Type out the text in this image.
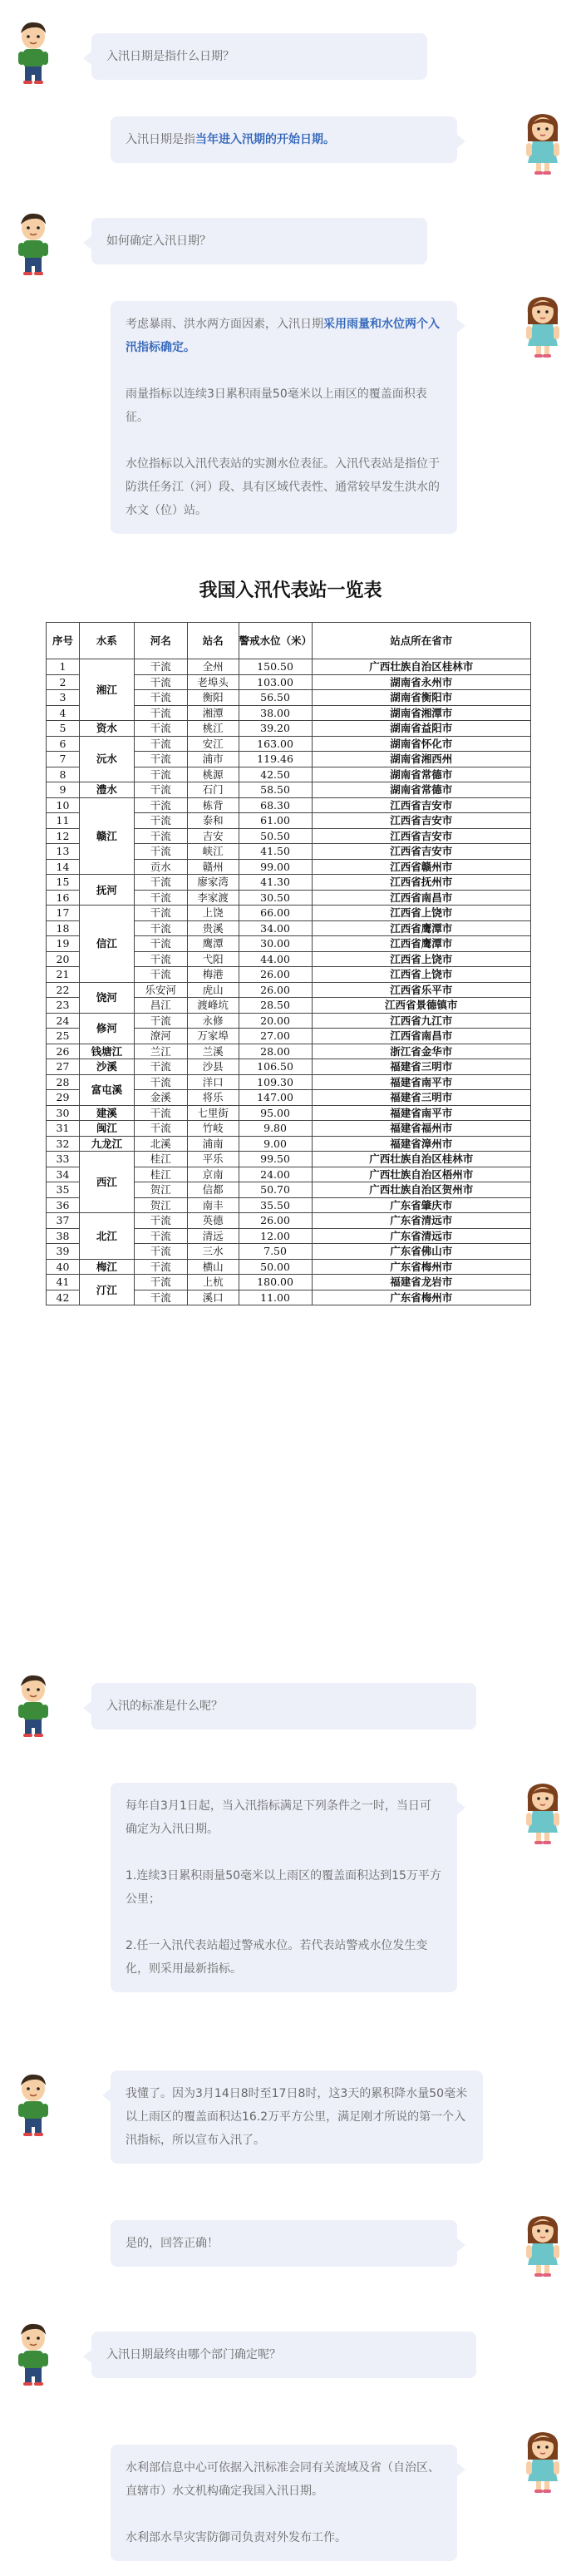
入汛日期是指什么日期？
入汛日期是指当年进入汛期的开始日期。
如何确定入汛日期？
考虑暴雨、洪水两方面因素，入汛日期采用雨量和水位两个入汛指标确定。
雨量指标以连续3日累积雨量50毫米以上雨区的覆盖面积表征。
水位指标以入汛代表站的实测水位表征。入汛代表站是指位于防洪任务江（河）段、具有区域代表性、通常较早发生洪水的水文（位）站。
入汛的标准是什么呢？
每年自3月1日起，当入汛指标满足下列条件之一时，当日可确定为入汛日期。
1.连续3日累积雨量50毫米以上雨区的覆盖面积达到15万平方公里；
2.任一入汛代表站超过警戒水位。若代表站警戒水位发生变化，则采用最新指标。
我懂了。因为3月14日8时至17日8时，这3天的累积降水量50毫米以上雨区的覆盖面积达16.2万平方公里，满足刚才所说的第一个入汛指标，所以宣布入汛了。
是的，回答正确！
入汛日期最终由哪个部门确定呢？
水利部信息中心可依据入汛标准会同有关流域及省（自治区、直辖市）水文机构确定我国入汛日期。
水利部水旱灾害防御司负责对外发布工作。
我国入汛代表站一览表
序号	水系	河名	站名	警戒水位（米）	站点所在省市
1	湘江	干流	全州	150.50	广西壮族自治区桂林市
2		干流	老埠头	103.00	湖南省永州市
3		干流	衡阳	56.50	湖南省衡阳市
4		干流	湘潭	38.00	湖南省湘潭市
5	资水	干流	桃江	39.20	湖南省益阳市
6	沅水	干流	安江	163.00	湖南省怀化市
7		干流	浦市	119.46	湖南省湘西州
8		干流	桃源	42.50	湖南省常德市
9	澧水	干流	石门	58.50	湖南省常德市
10	赣江	干流	栋背	68.30	江西省吉安市
11		干流	泰和	61.00	江西省吉安市
12		干流	吉安	50.50	江西省吉安市
13		干流	峡江	41.50	江西省吉安市
14		贡水	赣州	99.00	江西省赣州市
15	抚河	干流	廖家湾	41.30	江西省抚州市
16		干流	李家渡	30.50	江西省南昌市
17	信江	干流	上饶	66.00	江西省上饶市
18		干流	贵溪	34.00	江西省鹰潭市
19		干流	鹰潭	30.00	江西省鹰潭市
20		干流	弋阳	44.00	江西省上饶市
21		干流	梅港	26.00	江西省上饶市
22	饶河	乐安河	虎山	26.00	江西省乐平市
23		昌江	渡峰坑	28.50	江西省景德镇市
24	修河	干流	永修	20.00	江西省九江市
25		潦河	万家埠	27.00	江西省南昌市
26	钱塘江	兰江	兰溪	28.00	浙江省金华市
27	沙溪	干流	沙县	106.50	福建省三明市
28	富屯溪	干流	洋口	109.30	福建省南平市
29		金溪	将乐	147.00	福建省三明市
30	建溪	干流	七里街	95.00	福建省南平市
31	闽江	干流	竹岐	9.80	福建省福州市
32	九龙江	北溪	浦南	9.00	福建省漳州市
33	西江	桂江	平乐	99.50	广西壮族自治区桂林市
34		桂江	京南	24.00	广西壮族自治区梧州市
35		贺江	信都	50.70	广西壮族自治区贺州市
36		贺江	南丰	35.50	广东省肇庆市
37	北江	干流	英德	26.00	广东省清远市
38		干流	清远	12.00	广东省清远市
39		干流	三水	7.50	广东省佛山市
40	梅江	干流	横山	50.00	广东省梅州市
41	汀江	干流	上杭	180.00	福建省龙岩市
42		干流	溪口	11.00	广东省梅州市
